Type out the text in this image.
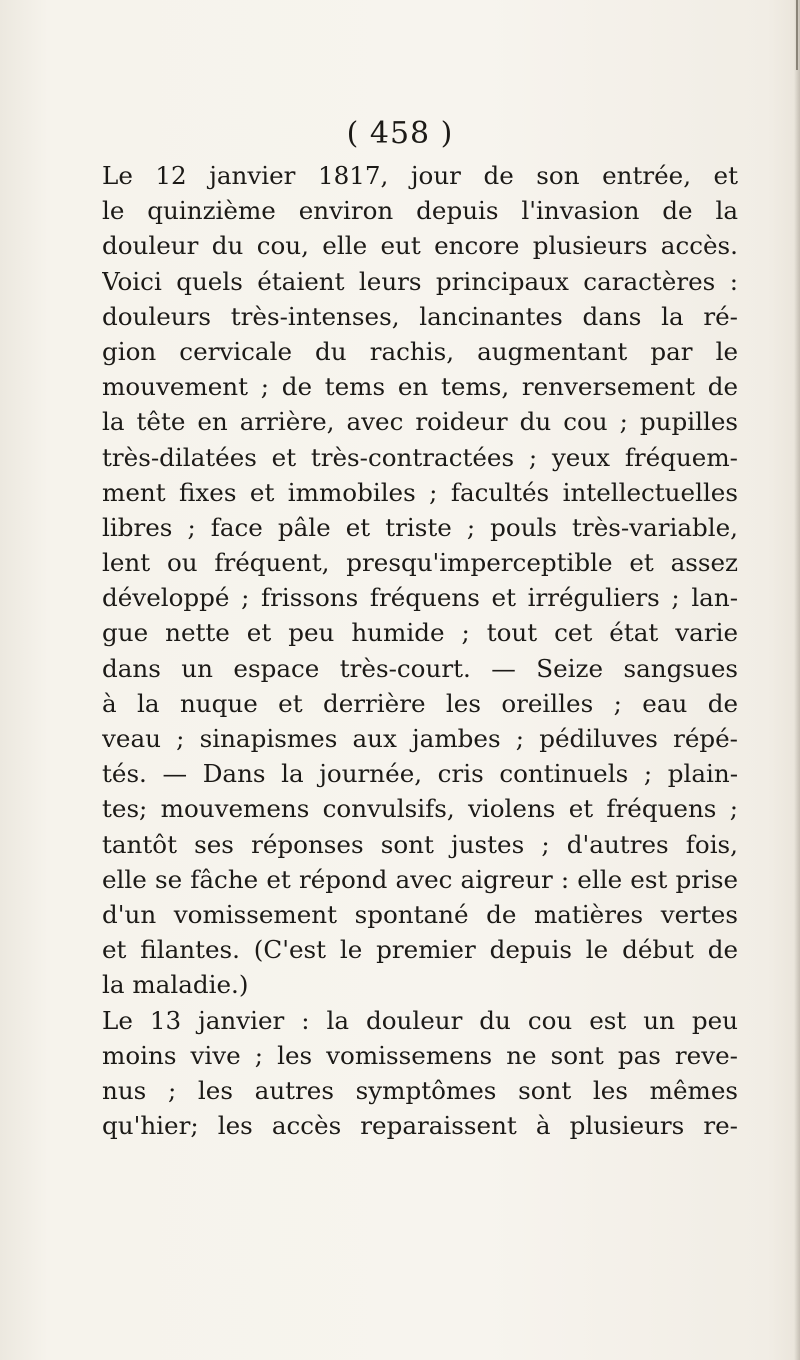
( 458 )
Le 12 janvier 1817, jour de son entrée, et
le quinzième environ depuis l'invasion de la
douleur du cou, elle eut encore plusieurs accès.
Voici quels étaient leurs principaux caractères :
douleurs très-intenses, lancinantes dans la ré-
gion cervicale du rachis, augmentant par le
mouvement ; de tems en tems, renversement de
la tête en arrière, avec roideur du cou ; pupilles
très-dilatées et très-contractées ; yeux fréquem-
ment fixes et immobiles ; facultés intellectuelles
libres ; face pâle et triste ; pouls très-variable,
lent ou fréquent, presqu'imperceptible et assez
développé ; frissons fréquens et irréguliers ; lan-
gue nette et peu humide ; tout cet état varie
dans un espace très-court. — Seize sangsues
à la nuque et derrière les oreilles ; eau de
veau ; sinapismes aux jambes ; pédiluves répé-
tés. — Dans la journée, cris continuels ; plain-
tes; mouvemens convulsifs, violens et fréquens ;
tantôt ses réponses sont justes ; d'autres fois,
elle se fâche et répond avec aigreur : elle est prise
d'un vomissement spontané de matières vertes
et filantes. (C'est le premier depuis le début de
la maladie.)
Le 13 janvier : la douleur du cou est un peu
moins vive ; les vomissemens ne sont pas reve-
nus ; les autres symptômes sont les mêmes
qu'hier; les accès reparaissent à plusieurs re-
